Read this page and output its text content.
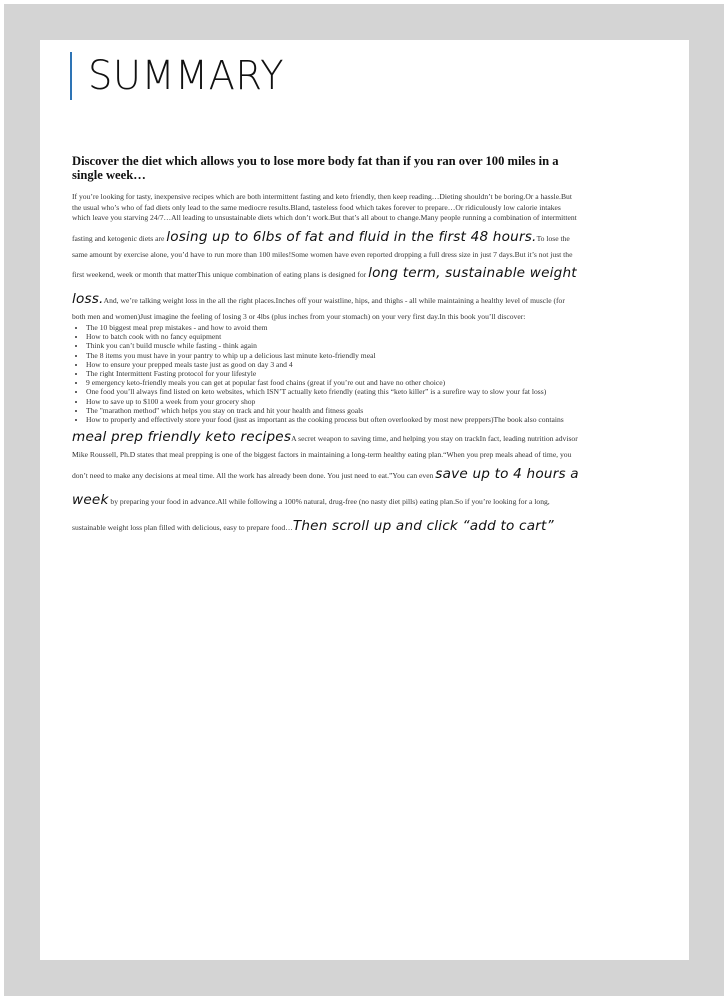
SUMMARY

Discover the diet which allows you to lose more body fat than if you ran over 100 miles in a single week…

If you’re looking for tasty, inexpensive recipes which are both intermittent fasting and keto friendly, then keep reading…Dieting shouldn’t be boring.Or a hassle.But the usual who’s who of fad diets only lead to the same mediocre results.Bland, tasteless food which takes forever to prepare…Or ridiculously low calorie intakes which leave you starving 24/7…All leading to unsustainable diets which don’t work.But that’s all about to change.Many people running a combination of intermittent fasting and ketogenic diets are losing up to 6lbs of fat and fluid in the first 48 hours.To lose the same amount by exercise alone, you’d have to run more than 100 miles!Some women have even reported dropping a full dress size in just 7 days.But it’s not just the first weekend, week or month that matterThis unique combination of eating plans is designed for long term, sustainable weight loss.And, we’re talking weight loss in the all the right places.Inches off your waistline, hips, and thighs - all while maintaining a healthy level of muscle (for both men and women)Just imagine the feeling of losing 3 or 4lbs (plus inches from your stomach) on your very first day.In this book you’ll discover:

• The 10 biggest meal prep mistakes - and how to avoid them
• How to batch cook with no fancy equipment
• Think you can’t build muscle while fasting - think again
• The 8 items you must have in your pantry to whip up a delicious last minute keto-friendly meal
• How to ensure your prepped meals taste just as good on day 3 and 4
• The right Intermittent Fasting protocol for your lifestyle
• 9 emergency keto-friendly meals you can get at popular fast food chains (great if you’re out and have no other choice)
• One food you’ll always find listed on keto websites, which ISN’T actually keto friendly (eating this “keto killer” is a surefire way to slow your fat loss)
• How to save up to $100 a week from your grocery shop
• The "marathon method" which helps you stay on track and hit your health and fitness goals
• How to properly and effectively store your food (just as important as the cooking process but often overlooked by most new preppers)The book also contains

meal prep friendly keto recipesA secret weapon to saving time, and helping you stay on trackIn fact, leading nutrition advisor Mike Roussell, Ph.D states that meal prepping is one of the biggest factors in maintaining a long-term healthy eating plan.“When you prep meals ahead of time, you don’t need to make any decisions at meal time. All the work has already been done. You just need to eat.”You can even save up to 4 hours a week by preparing your food in advance.All while following a 100% natural, drug-free (no nasty diet pills) eating plan.So if you’re looking for a long, sustainable weight loss plan filled with delicious, easy to prepare food…Then scroll up and click “add to cart”
